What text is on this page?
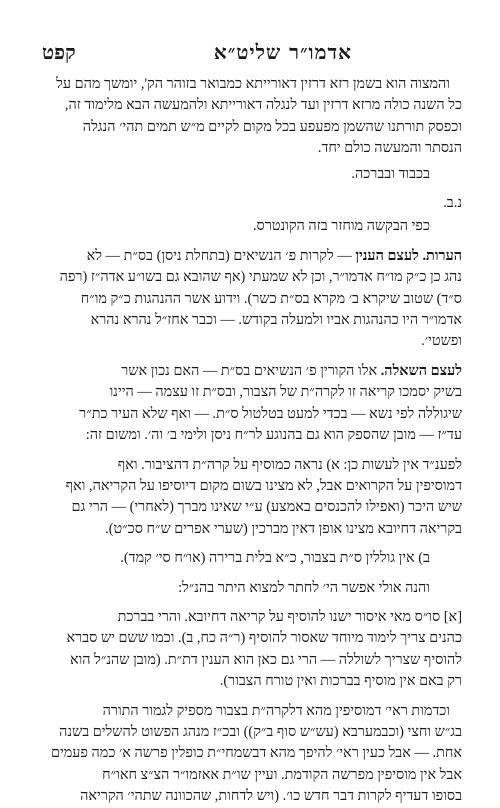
אדמו״ר שליט״א
קפט
והמצוה הוא בשמן רזא דרזין דאורייתא כמבואר בזוהר הק', יומשך מהם על
כל השנה כולה מרזא דרזין ועד לנגלה דאורייתא ולהמעשה הבא מלימוד זה,
וכפסק תורתנו שהשמן מפעפע בכל מקום לקיים מ״ש תמים תהי׳ הנגלה
הנסתר והמעשה כולם יחד.
בכבוד ובברכה.
נ.ב.
כפי הבקשה מוחזר בזה הקונטרס.
הערות. לעצם הענין — לקרות פ׳ הנשיאים (בתחלת ניסן) בס״ת — לא
נהג כן כ״ק מו״ח אדמו״ר, וכן לא שמעתי (אף שהובא גם בשו״ע אדה״ז (רפה
ס״ד) שטוב שיקרא ב׳ מקרא בס״ת כשר). וידוע אשר ההנהגות כ״ק מו״ח
אדמו״ר היו כהנהגות אביו ולמעלה בקודש. — וכבר אחז״ל נהרא נהרא
ופשטי׳.
לעצם השאלה. אלו הקורין פ׳ הנשיאים בס״ת — האם נכון אשר
בשיק יסמכו קריאה זו לקרה״ת של הצבור, ובס״ת זו עצמה — היינו
שיגוללה לפי נשא — בכדי למעט בטלטול ס״ת. — ואף שלא העיר כת״ר
עד״ז — מובן שהספק הוא גם בהנוגע לר״ח ניסן ולימי ב׳ וה׳. ומשום זה:
לפענ״ד אין לעשות כן: א) נראה כמוסיף על קרה״ת דהציבור. ואף
דמוסיפין על הקרואים אבל, לא מצינו בשום מקום דיוסיפו על הקריאה, ואף
שיש היכר (ואפילו להכנסים באמצע) ע״י שאינו מברך (לאחרי) — הרי גם
בקריאה דחיובא מצינו אופן דאין מברכין (שערי אפרים ש״ח סכ״ט).
ב) אין גוללין ס״ת בצבור, כ״א בלית ברירה (או״ח סי׳ קמד).
והנה אולי אפשר הי׳ לחתר למצוא היתר בהנ״ל:
[א] סו״ס מאי איסור ישנו להוסיף על קריאה דחיובא. והרי בברכת
כהנים צריך לימוד מיוחד שאסור להוסיף (ר״ה כח, ב). וכמו ששם יש סברא
להוסיף שצריך לשוללה — הרי גם כאן הוא הענין דת״ת. (מובן שהנ״ל הוא
רק באם אין מוסיף בברכות ואין טורח הצבור).
וכדמות ראי׳ דמוסיפין מהא דלקרה״ת בצבור מספיק לגמור התורה
בג״ש וחצי (וכבמערבא (עש״ש סוף ב״ק)) ובכ״ז מנהג הפשוט להשלים בשנה
אחת. — אבל כעין ראי׳ להיפך מהא דבשמחי״ת כופלין פרשה א׳ כמה פעמים
אבל אין מוסיפין מפרשה הקודמת. ועיין שו״ת אאזמו״ר הצ״צ חאו״ח
בסופו דעדיף לקרות דבר חדש כו׳. (ויש לדחות, שהכוונה שתהי׳ הקריאה
